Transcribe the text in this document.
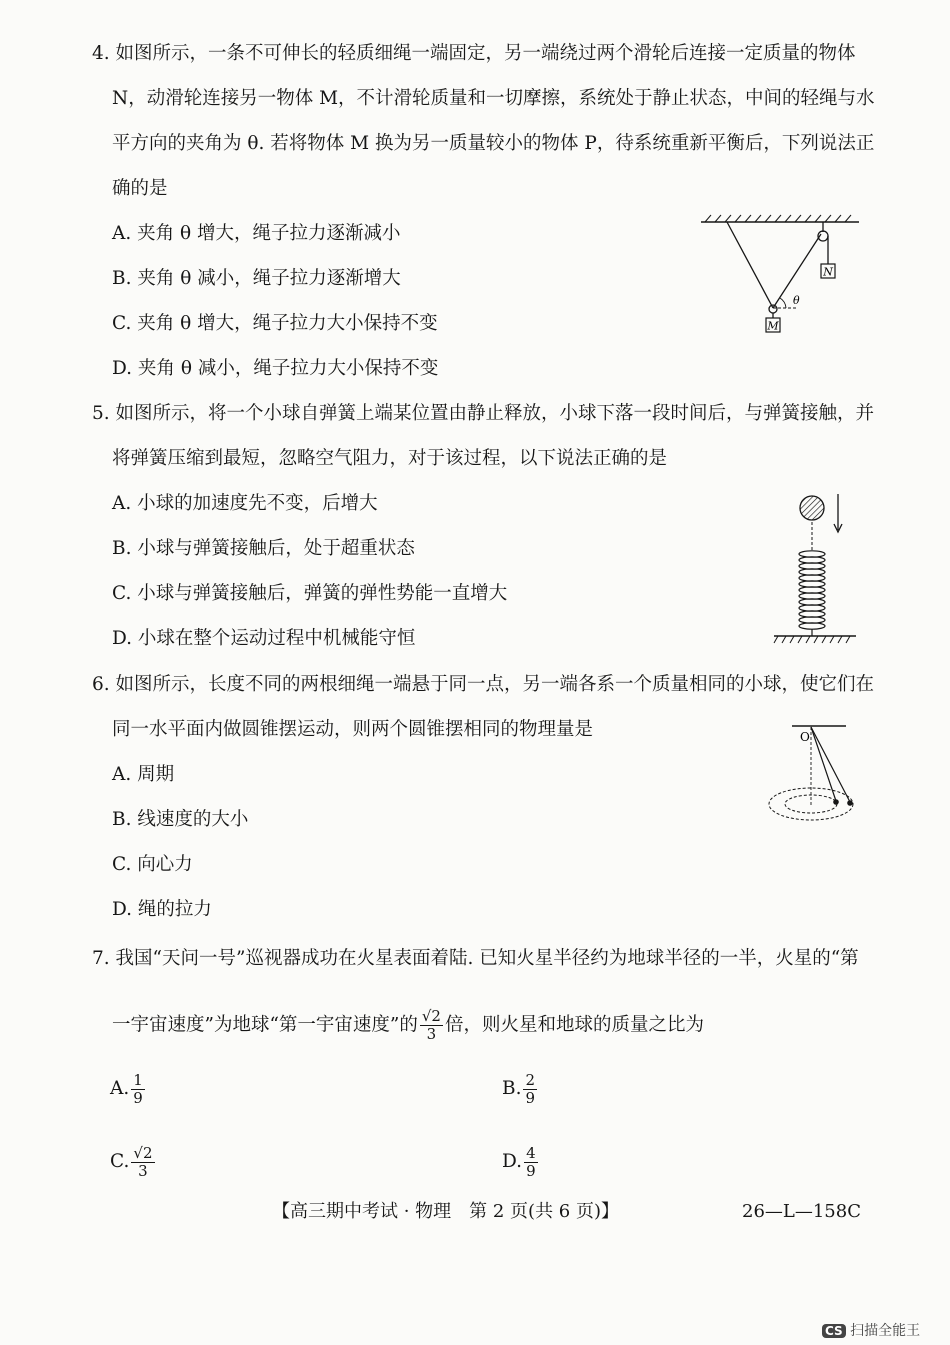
4. 如图所示，一条不可伸长的轻质细绳一端固定，另一端绕过两个滑轮后连接一定质量的物体
N，动滑轮连接另一物体 M，不计滑轮质量和一切摩擦，系统处于静止状态，中间的轻绳与水
平方向的夹角为 θ. 若将物体 M 换为另一质量较小的物体 P，待系统重新平衡后，下列说法正
确的是
A. 夹角 θ 增大，绳子拉力逐渐减小
B. 夹角 θ 减小，绳子拉力逐渐增大
C. 夹角 θ 增大，绳子拉力大小保持不变
D. 夹角 θ 减小，绳子拉力大小保持不变
N
M
θ
5. 如图所示，将一个小球自弹簧上端某位置由静止释放，小球下落一段时间后，与弹簧接触，并
将弹簧压缩到最短，忽略空气阻力，对于该过程，以下说法正确的是
A. 小球的加速度先不变，后增大
B. 小球与弹簧接触后，处于超重状态
C. 小球与弹簧接触后，弹簧的弹性势能一直增大
D. 小球在整个运动过程中机械能守恒
6. 如图所示，长度不同的两根细绳一端悬于同一点，另一端各系一个质量相同的小球，使它们在
同一水平面内做圆锥摆运动，则两个圆锥摆相同的物理量是
A. 周期
B. 线速度的大小
C. 向心力
D. 绳的拉力
O
7. 我国“天问一号”巡视器成功在火星表面着陆. 已知火星半径约为地球半径的一半，火星的“第
一宇宙速度”为地球“第一宇宙速度”的 $\frac{√2}{3}$ 倍，则火星和地球的质量之比为
A. $\frac{1}{9}$	B. $\frac{2}{9}$
C. $\frac{√2}{3}$	D. $\frac{4}{9}$
【高三期中考试 · 物理　第 2 页(共 6 页)】	26—L—158C
CS 扫描全能王
